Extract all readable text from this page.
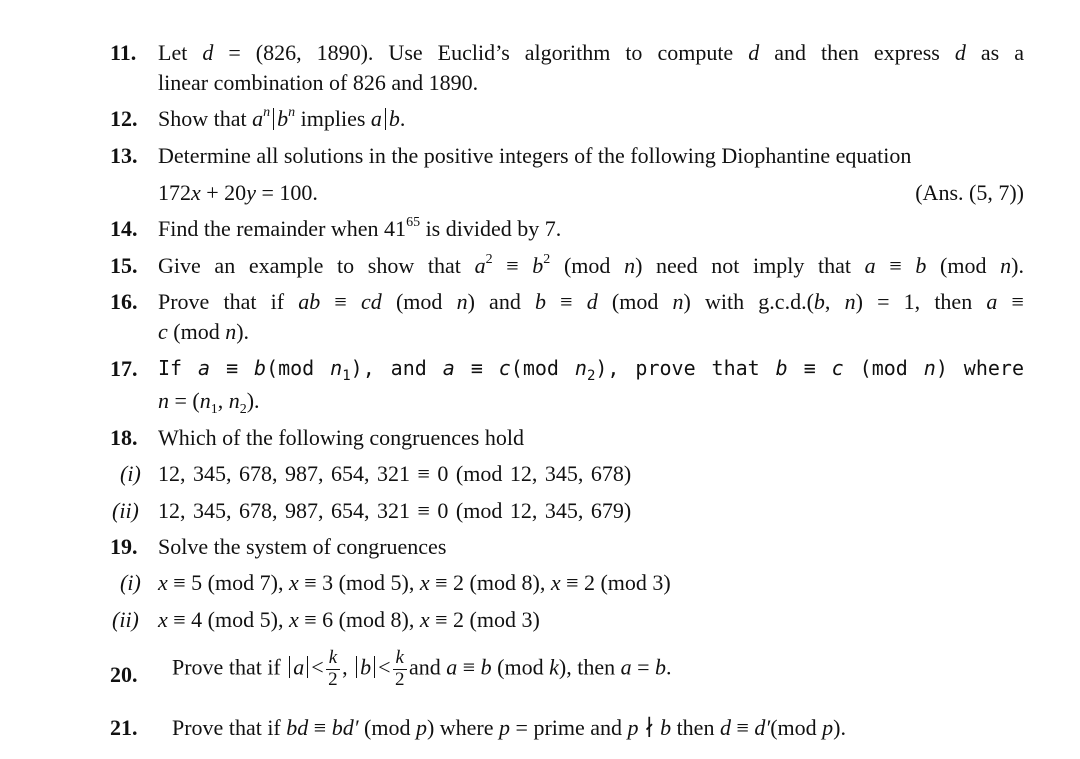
11. Let d = (826, 1890). Use Euclid’s algorithm to compute d and then express d as a
linear combination of 826 and 1890.
12. Show that $a^n$ $b^n$ implies a b.
13. Determine all solutions in the positive integers of the following Diophantine equation
172x + 20y = 100.	(Ans. (5, 7))
14. Find the remainder when $41^{65}$ is divided by 7.
15. Give an example to show that $a^2 \equiv b^2$ (mod n) need not imply that a ≡ b (mod n).
16. Prove that if ab ≡ cd (mod n) and b ≡ d (mod n) with g.c.d.(b, n) = 1, then a ≡
c (mod n).
17. If a ≡ b(mod $n_1$), and a ≡ c(mod $n_2$), prove that b ≡ c (mod n) where
$n = (n_1$, $n_2$).
18. Which of the following congruences hold
(i) 12, 345, 678, 987, 654, 321 ≡ 0 (mod 12, 345, 678)
(ii) 12, 345, 678, 987, 654, 321 ≡ 0 (mod 12, 345, 679)
19. Solve the system of congruences
(i) x ≡ 5 (mod 7), x ≡ 3 (mod 5), x ≡ 2 (mod 8), x ≡ 2 (mod 3)
(ii) x ≡ 4 (mod 5), x ≡ 6 (mod 8), x ≡ 2 (mod 3)
20. Prove that if $a < \frac{k}{2}$ , $b < \frac{k}{2}$ and a ≡ b (mod k), then a = b.
21. Prove that if bd ≡ bd′ (mod p) where p = prime and p ∤ b then d ≡ d′(mod p).
